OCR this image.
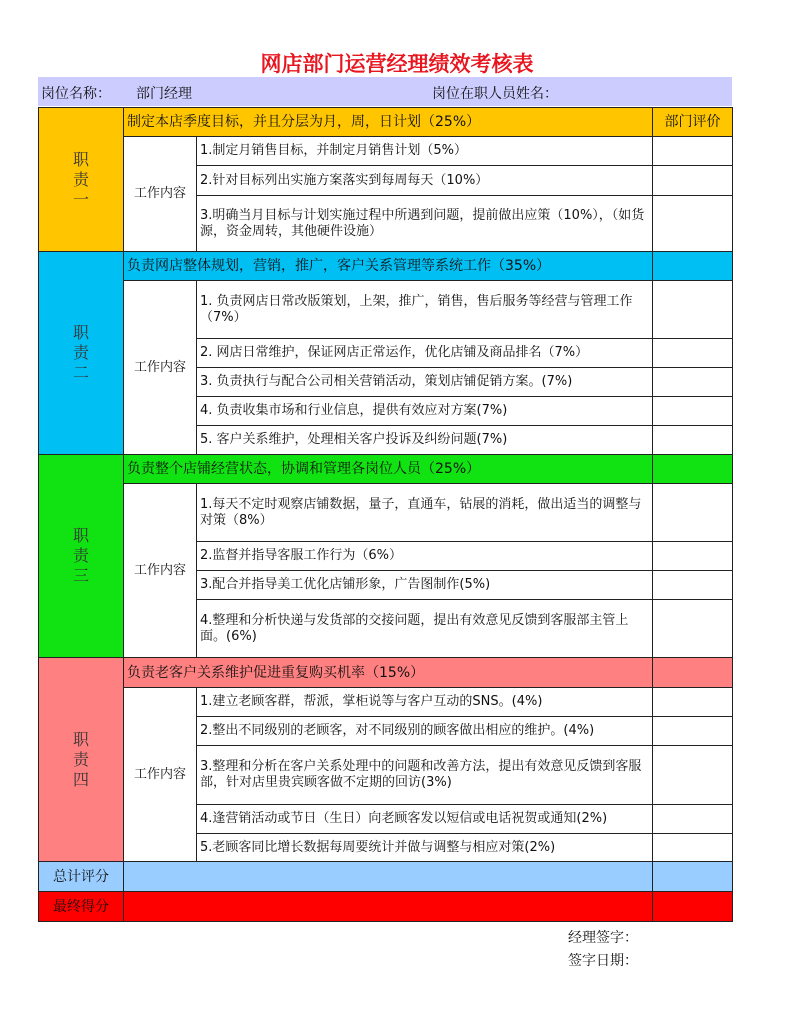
网店部门运营经理绩效考核表
岗位名称： 部门经理	岗位在职人员姓名：
职责一	制定本店季度目标，并且分层为月，周，日计划（25%）		部门评价
	工作内容	1.制定月销售目标，并制定月销售计划（5%）	
		2.针对目标列出实施方案落实到每周每天（10%）	
		3.明确当月目标与计划实施过程中所遇到问题，提前做出应策（10%），（如货源，资金周转，其他硬件设施）	

职责二	负责网店整体规划，营销，推广，客户关系管理等系统工作（35%）		
	工作内容	1. 负责网店日常改版策划，上架，推广，销售，售后服务等经营与管理工作（7%）	
		2. 网店日常维护，保证网店正常运作，优化店铺及商品排名（7%）	
		3. 负责执行与配合公司相关营销活动，策划店铺促销方案。(7%)	
		4. 负责收集市场和行业信息，提供有效应对方案(7%)	
		5. 客户关系维护，处理相关客户投诉及纠纷问题(7%)	

职责三	负责整个店铺经营状态，协调和管理各岗位人员（25%）		
	工作内容	1.每天不定时观察店铺数据，量子，直通车，钻展的消耗，做出适当的调整与对策（8%）	
		2.监督并指导客服工作行为（6%）	
		3.配合并指导美工优化店铺形象，广告图制作(5%)	
		4.整理和分析快递与发货部的交接问题，提出有效意见反馈到客服部主管上面。(6%)	

职责四	负责老客户关系维护促进重复购买机率（15%）		
	工作内容	1.建立老顾客群，帮派，掌柜说等与客户互动的SNS。(4%)	
		2.整出不同级别的老顾客，对不同级别的顾客做出相应的维护。(4%)	
		3.整理和分析在客户关系处理中的问题和改善方法，提出有效意见反馈到客服部，针对店里贵宾顾客做不定期的回访(3%)	
		4.逢营销活动或节日（生日）向老顾客发以短信或电话祝贺或通知(2%)	
		5.老顾客同比增长数据每周要统计并做与调整与相应对策(2%)	
总计评分			
最终得分			
经理签字：
签字日期：
